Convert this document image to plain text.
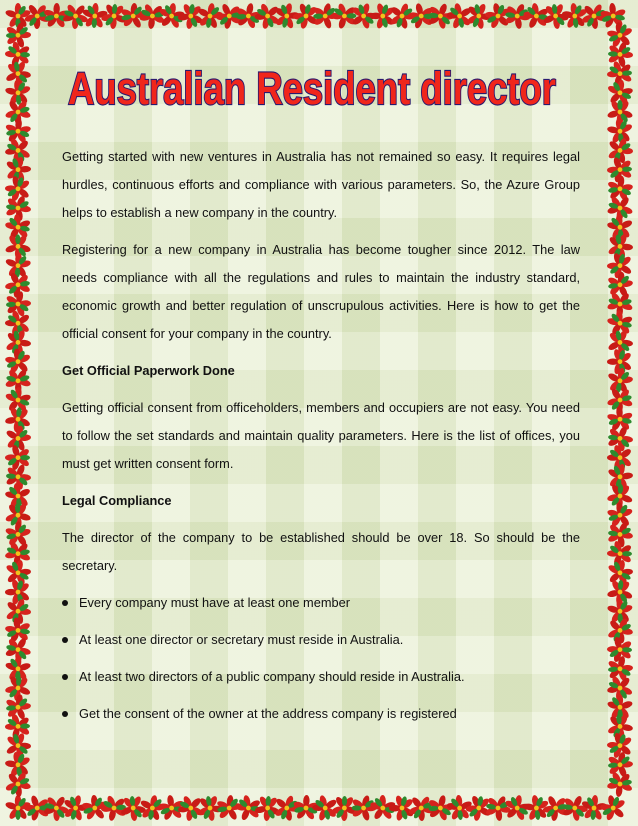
Australian Resident director

Getting started with new ventures in Australia has not remained so easy. It requires legal hurdles, continuous efforts and compliance with various parameters. So, the Azure Group helps to establish a new company in the country.

Registering for a new company in Australia has become tougher since 2012. The law needs compliance with all the regulations and rules to maintain the industry standard, economic growth and better regulation of unscrupulous activities. Here is how to get the official consent for your company in the country.

Get Official Paperwork Done

Getting official consent from officeholders, members and occupiers are not easy. You need to follow the set standards and maintain quality parameters. Here is the list of offices, you must get written consent form.

Legal Compliance

The director of the company to be established should be over 18. So should be the secretary.

Every company must have at least one member
At least one director or secretary must reside in Australia.
At least two directors of a public company should reside in Australia.
Get the consent of the owner at the address company is registered
